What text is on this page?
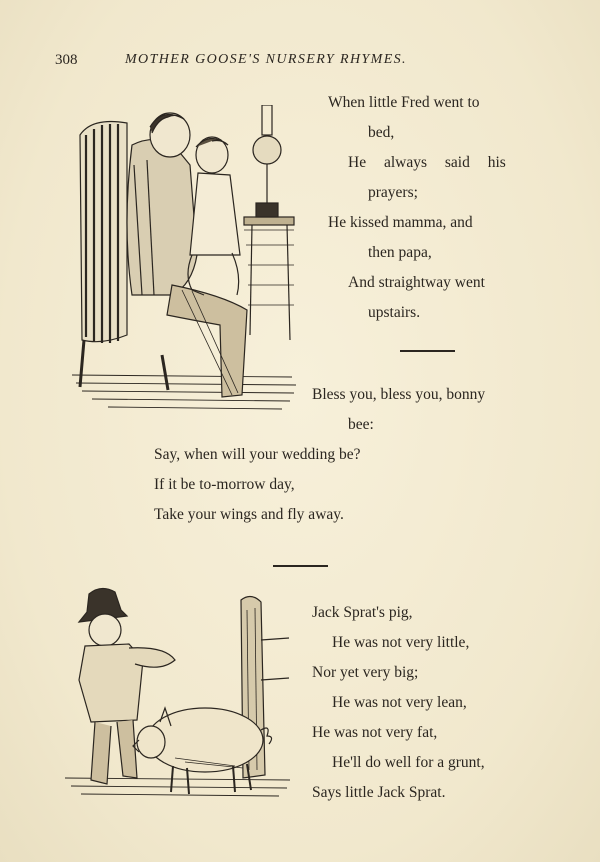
308	MOTHER GOOSE'S NURSERY RHYMES.
When little Fred went to
bed,
He always said his
prayers;
He kissed mamma, and
then papa,
And straightway went
upstairs.
Bless you, bless you, bonny
bee:
Say, when will your wedding be?
If it be to-morrow day,
Take your wings and fly away.
Jack Sprat's pig,
He was not very little,
Nor yet very big;
He was not very lean,
He was not very fat,
He'll do well for a grunt,
Says little Jack Sprat.
